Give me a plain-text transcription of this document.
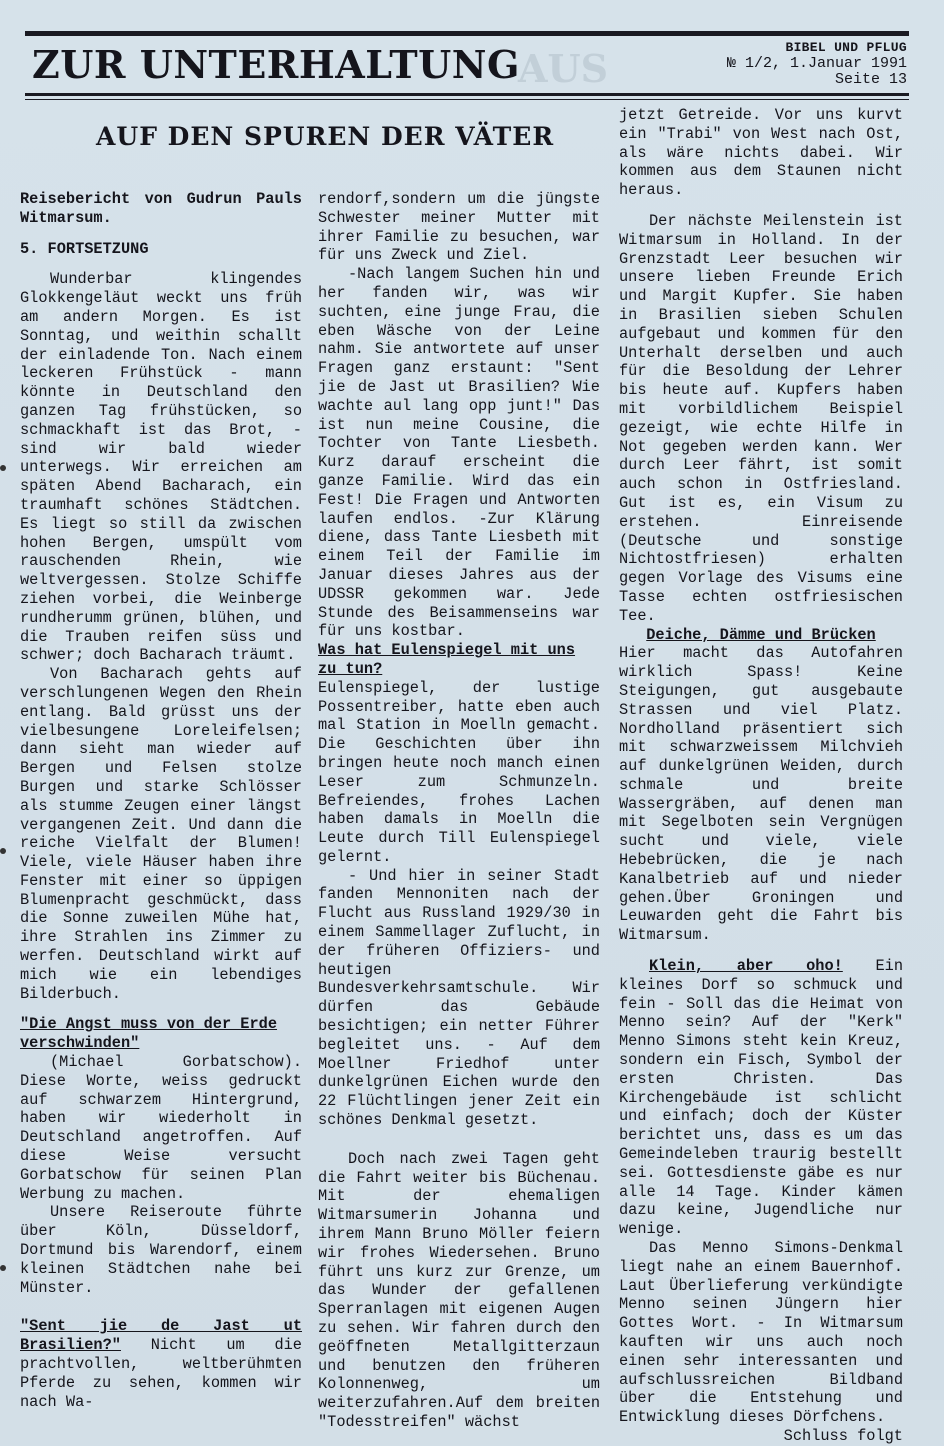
AUS
ZUR UNTERHALTUNG	BIBEL UND PFLUG
№ 1/2, 1.Januar 1991
Seite 13
AUF DEN SPUREN DER VÄTER

Reisebericht von Gudrun Pauls Witmarsum.

5. FORTSETZUNG

Wunderbar klingendes Glokkengeläut weckt uns früh am andern Morgen. Es ist Sonntag, und weithin schallt der einladende Ton. Nach einem leckeren Frühstück - mann könnte in Deutschland den ganzen Tag frühstücken, so schmackhaft ist das Brot, - sind wir bald wieder unterwegs. Wir erreichen am späten Abend Bacharach, ein traumhaft schönes Städtchen. Es liegt so still da zwischen hohen Bergen, umspült vom rauschenden Rhein, wie weltvergessen. Stolze Schiffe ziehen vorbei, die Weinberge rundherumm grünen, blühen, und die Trauben reifen süss und schwer; doch Bacharach träumt.

Von Bacharach gehts auf verschlungenen Wegen den Rhein entlang. Bald grüsst uns der vielbesungene Loreleifelsen; dann sieht man wieder auf Bergen und Felsen stolze Burgen und starke Schlösser als stumme Zeugen einer längst vergangenen Zeit. Und dann die reiche Vielfalt der Blumen! Viele, viele Häuser haben ihre Fenster mit einer so üppigen Blumenpracht geschmückt, dass die Sonne zuweilen Mühe hat, ihre Strahlen ins Zimmer zu werfen. Deutschland wirkt auf mich wie ein lebendiges Bilderbuch.

"Die Angst muss von der Erde verschwinden"

(Michael Gorbatschow). Diese Worte, weiss gedruckt auf schwarzem Hintergrund, haben wir wiederholt in Deutschland angetroffen. Auf diese Weise versucht Gorbatschow für seinen Plan Werbung zu machen.

Unsere Reiseroute führte über Köln, Düsseldorf, Dortmund bis Warendorf, einem kleinen Städtchen nahe bei Münster.

"Sent jie de Jast ut Brasilien?" Nicht um die prachtvollen, weltberühmten Pferde zu sehen, kommen wir nach Wa-

rendorf,sondern um die jüngste Schwester meiner Mutter mit ihrer Familie zu besuchen, war für uns Zweck und Ziel.

-Nach langem Suchen hin und her fanden wir, was wir suchten, eine junge Frau, die eben Wäsche von der Leine nahm. Sie antwortete auf unser Fragen ganz erstaunt: "Sent jie de Jast ut Brasilien? Wie wachte aul lang opp junt!" Das ist nun meine Cousine, die Tochter von Tante Liesbeth. Kurz darauf erscheint die ganze Familie. Wird das ein Fest! Die Fragen und Antworten laufen endlos. -Zur Klärung diene, dass Tante Liesbeth mit einem Teil der Familie im Januar dieses Jahres aus der UDSSR gekommen war. Jede Stunde des Beisammenseins war für uns kostbar.

Was hat Eulenspiegel mit uns zu tun?

Eulenspiegel, der lustige Possentreiber, hatte eben auch mal Station in Moelln gemacht. Die Geschichten über ihn bringen heute noch manch einen Leser zum Schmunzeln. Befreiendes, frohes Lachen haben damals in Moelln die Leute durch Till Eulenspiegel gelernt.

- Und hier in seiner Stadt fanden Mennoniten nach der Flucht aus Russland 1929/30 in einem Sammellager Zuflucht, in der früheren Offiziers- und heutigen Bundesverkehrsamtschule. Wir dürfen das Gebäude besichtigen; ein netter Führer begleitet uns. - Auf dem Moellner Friedhof unter dunkelgrünen Eichen wurde den 22 Flüchtlingen jener Zeit ein schönes Denkmal gesetzt.

Doch nach zwei Tagen geht die Fahrt weiter bis Büchenau. Mit der ehemaligen Witmarsumerin Johanna und ihrem Mann Bruno Möller feiern wir frohes Wiedersehen. Bruno führt uns kurz zur Grenze, um das Wunder der gefallenen Sperranlagen mit eigenen Augen zu sehen. Wir fahren durch den geöffneten Metallgitterzaun und benutzen den früheren Kolonnenweg, um weiterzufahren.Auf dem breiten "Todesstreifen" wächst

jetzt Getreide. Vor uns kurvt ein "Trabi" von West nach Ost, als wäre nichts dabei. Wir kommen aus dem Staunen nicht heraus.

Der nächste Meilenstein ist Witmarsum in Holland. In der Grenzstadt Leer besuchen wir unsere lieben Freunde Erich und Margit Kupfer. Sie haben in Brasilien sieben Schulen aufgebaut und kommen für den Unterhalt derselben und auch für die Besoldung der Lehrer bis heute auf. Kupfers haben mit vorbildlichem Beispiel gezeigt, wie echte Hilfe in Not gegeben werden kann. Wer durch Leer fährt, ist somit auch schon in Ostfriesland. Gut ist es, ein Visum zu erstehen. Einreisende (Deutsche und sonstige Nichtostfriesen) erhalten gegen Vorlage des Visums eine Tasse echten ostfriesischen Tee.

Deiche, Dämme und Brücken

Hier macht das Autofahren wirklich Spass! Keine Steigungen, gut ausgebaute Strassen und viel Platz. Nordholland präsentiert sich mit schwarzweissem Milchvieh auf dunkelgrünen Weiden, durch schmale und breite Wassergräben, auf denen man mit Segelboten sein Vergnügen sucht und viele, viele Hebebrücken, die je nach Kanalbetrieb auf und nieder gehen.Über Groningen und Leuwarden geht die Fahrt bis Witmarsum.

Klein, aber oho! Ein kleines Dorf so schmuck und fein - Soll das die Heimat von Menno sein? Auf der "Kerk" Menno Simons steht kein Kreuz, sondern ein Fisch, Symbol der ersten Christen. Das Kirchengebäude ist schlicht und einfach; doch der Küster berichtet uns, dass es um das Gemeindeleben traurig bestellt sei. Gottesdienste gäbe es nur alle 14 Tage. Kinder kämen dazu keine, Jugendliche nur wenige.

Das Menno Simons-Denkmal liegt nahe an einem Bauernhof. Laut Überlieferung verkündigte Menno seinen Jüngern hier Gottes Wort. - In Witmarsum kauften wir uns auch noch einen sehr interessanten und aufschlussreichen Bildband über die Entstehung und Entwicklung dieses Dörfchens.

Schluss folgt
